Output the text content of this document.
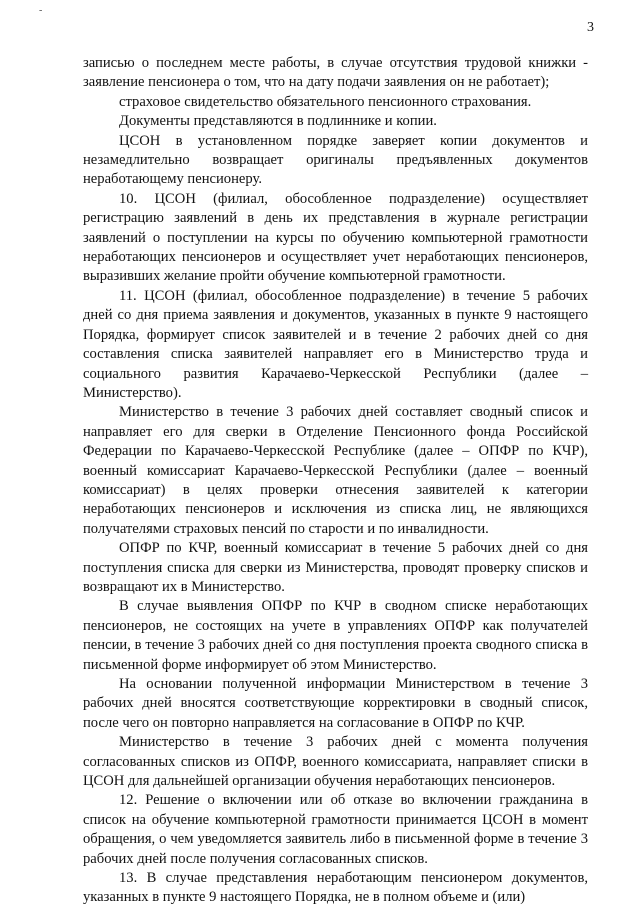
-
3

записью о последнем месте работы, в случае отсутствия трудовой книжки - заявление пенсионера о том, что на дату подачи заявления он не работает);

страховое свидетельство обязательного пенсионного страхования.

Документы представляются в подлиннике и копии.

ЦСОН в установленном порядке заверяет копии документов и незамедлительно возвращает оригиналы предъявленных документов неработающему пенсионеру.

10. ЦСОН (филиал, обособленное подразделение) осуществляет регистрацию заявлений в день их представления в журнале регистрации заявлений о поступлении на курсы по обучению компьютерной грамотности неработающих пенсионеров и осуществляет учет неработающих пенсионеров, выразивших желание пройти обучение компьютерной грамотности.

11. ЦСОН (филиал, обособленное подразделение) в течение 5 рабочих дней со дня приема заявления и документов, указанных в пункте 9 настоящего Порядка, формирует список заявителей и в течение 2 рабочих дней со дня составления списка заявителей направляет его в Министерство труда и социального развития Карачаево-Черкесской Республики (далее – Министерство).

Министерство в течение 3 рабочих дней составляет сводный список и направляет его для сверки в Отделение Пенсионного фонда Российской Федерации по Карачаево-Черкесской Республике (далее – ОПФР по КЧР), военный комиссариат Карачаево-Черкесской Республики (далее – военный комиссариат) в целях проверки отнесения заявителей к категории неработающих пенсионеров и исключения из списка лиц, не являющихся получателями страховых пенсий по старости и по инвалидности.

ОПФР по КЧР, военный комиссариат в течение 5 рабочих дней со дня поступления списка для сверки из Министерства, проводят проверку списков и возвращают их в Министерство.

В случае выявления ОПФР по КЧР в сводном списке неработающих пенсионеров, не состоящих на учете в управлениях ОПФР как получателей пенсии, в течение 3 рабочих дней со дня поступления проекта сводного списка в письменной форме информирует об этом Министерство.

На основании полученной информации Министерством в течение 3 рабочих дней вносятся соответствующие корректировки в сводный список, после чего он повторно направляется на согласование в ОПФР по КЧР.

Министерство в течение 3 рабочих дней с момента получения согласованных списков из ОПФР, военного комиссариата, направляет списки в ЦСОН для дальнейшей организации обучения неработающих пенсионеров.

12. Решение о включении или об отказе во включении гражданина в список на обучение компьютерной грамотности принимается ЦСОН в момент обращения, о чем уведомляется заявитель либо в письменной форме в течение 3 рабочих дней после получения согласованных списков.

13. В случае представления неработающим пенсионером документов, указанных в пункте 9 настоящего Порядка, не в полном объеме и (или)
